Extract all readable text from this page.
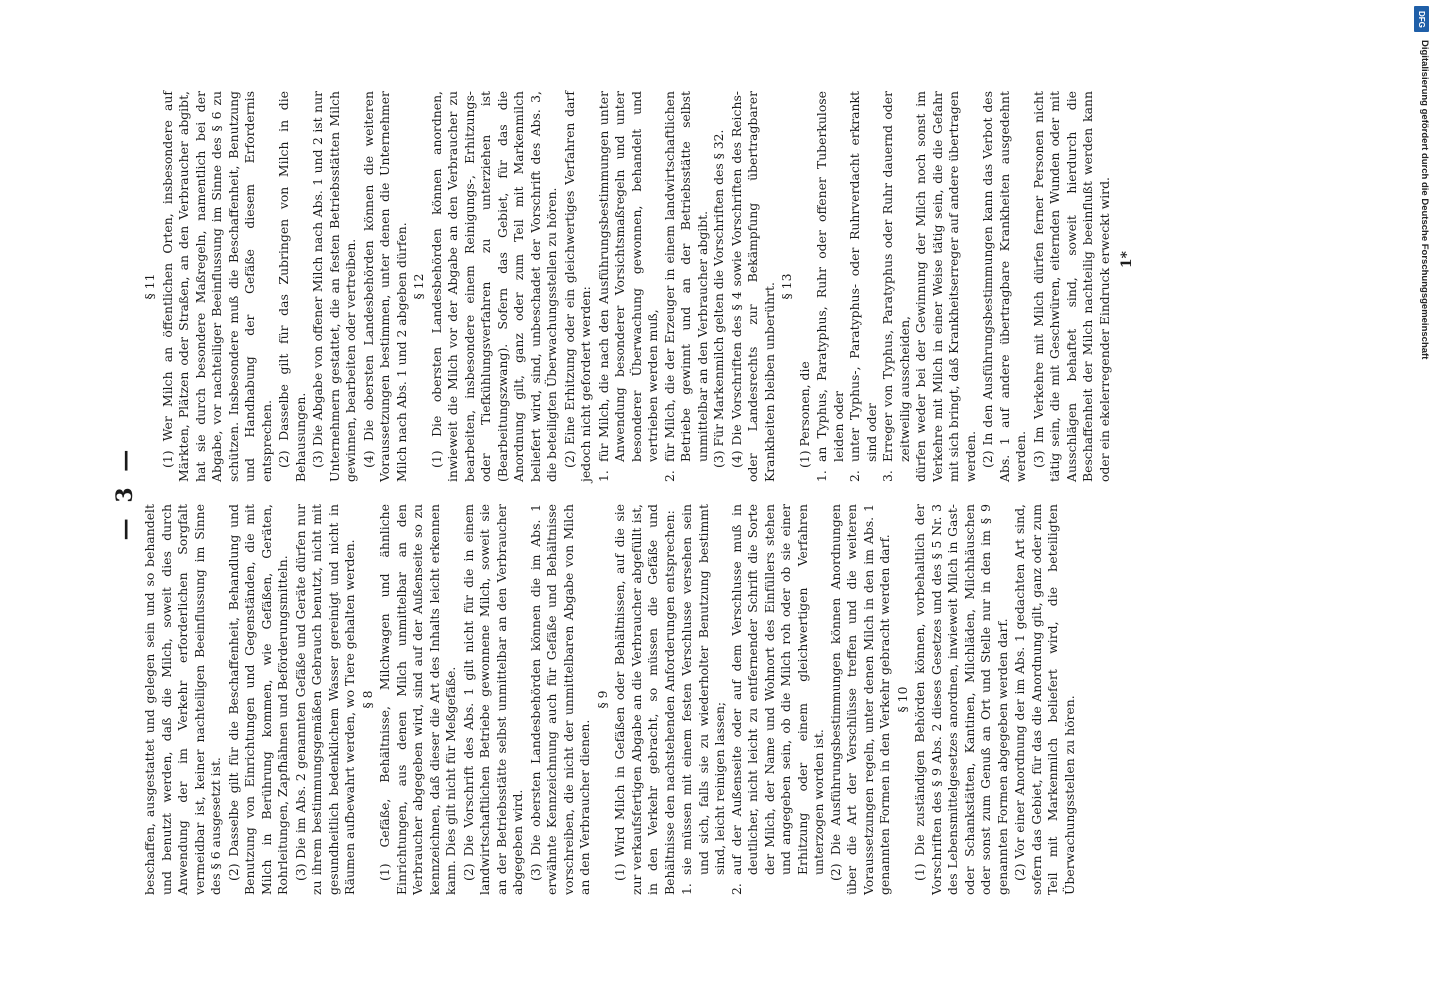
DFG
Digitalisierung gefördert durch die Deutsche Forschungsgemeinschaft
— 3 —

beschaffen, ausgestattet und gelegen sein und so behandelt und benutzt werden, daß die Milch, soweit dies durch Anwendung der im Verkehr erforderlichen Sorgfalt vermeidbar ist, keiner nachteiligen Beeinflussung im Sinne des § 6 ausgesetzt ist. (2) Dasselbe gilt für die Beschaffenheit, Behandlung und Benutzung von Einrichtungen und Gegenständen, die mit Milch in Berührung kommen, wie Gefäßen, Geräten, Rohrleitungen, Zapfhähnen und Beförderungsmitteln. (3) Die im Abs. 2 genannten Gefäße und Geräte dürfen nur zu ihrem bestimmungsgemäßen Gebrauch benutzt, nicht mit gesundheitlich bedenklichem Wasser gereinigt und nicht in Räumen aufbewahrt werden, wo Tiere gehalten werden. § 8 (1) Gefäße, Behältnisse, Milchwagen und ähnliche Einrichtungen, aus denen Milch unmittelbar an den Verbraucher abgegeben wird, sind auf der Außenseite so zu kennzeichnen, daß dieser die Art des Inhalts leicht erkennen kann. Dies gilt nicht für Meßgefäße. (2) Die Vorschrift des Abs. 1 gilt nicht für die in einem landwirtschaftlichen Betriebe gewonnene Milch, soweit sie an der Betriebsstätte selbst unmittelbar an den Verbraucher abgegeben wird. (3) Die obersten Landesbehörden können die im Abs. 1 erwähnte Kennzeichnung auch für Gefäße und Behältnisse vorschreiben, die nicht der unmittelbaren Abgabe von Milch an den Verbraucher dienen.

§ 9 (1) Wird Milch in Gefäßen oder Behältnissen, auf die sie zur verkaufsfertigen Abgabe an die Verbraucher abgefüllt ist, in den Verkehr gebracht, so müssen die Gefäße und Behältnisse den nachstehenden Anforderungen entsprechen: 1.
sie müssen mit einem festen Verschlusse versehen sein und sich, falls sie zu wiederholter Benutzung bestimmt sind, leicht reinigen lassen;
2.
auf der Außenseite oder auf dem Verschlusse muß in deutlicher, nicht leicht zu entfernender Schrift die Sorte der Milch, der Name und Wohnort des Einfüllers stehen und angegeben sein, ob die Milch roh oder ob sie einer Erhitzung oder einem gleichwertigen Verfahren unterzogen worden ist. (2) Die Ausführungsbestimmungen können Anordnungen über die Art der Verschlüsse treffen und die weiteren Voraussetzungen regeln, unter denen Milch in den im Abs. 1 genannten Formen in den Verkehr gebracht werden darf. § 10 (1) Die zuständigen Behörden können, vorbehaltlich der Vorschriften des § 9 Abs. 2 dieses Gesetzes und des § 5 Nr. 3 des Lebensmittelgesetzes anordnen, inwieweit Milch in Gast- oder Schankstätten, Kantinen, Milchläden, Milchhäuschen oder sonst zum Genuß an Ort und Stelle nur in den im § 9 genannten Formen abgegeben werden darf. (2) Vor einer Anordnung der im Abs. 1 gedachten Art sind, sofern das Gebiet, für das die Anordnung gilt, ganz oder zum Teil mit Markenmilch beliefert wird, die beteiligten Überwachungsstellen zu hören.

§ 11 (1) Wer Milch an öffentlichen Orten, insbesondere auf Märkten, Plätzen oder Straßen, an den Verbraucher abgibt, hat sie durch besondere Maßregeln, namentlich bei der Abgabe, vor nachteiliger Beeinflussung im Sinne des § 6 zu schützen. Insbesondere muß die Beschaffenheit, Benutzung und Handhabung der Gefäße diesem Erfordernis entsprechen. (2) Dasselbe gilt für das Zubringen von Milch in die Behausungen. (3) Die Abgabe von offener Milch nach Abs. 1 und 2 ist nur Unternehmern gestattet, die an festen Betriebsstätten Milch gewinnen, bearbeiten oder vertreiben. (4) Die obersten Landesbehörden können die weiteren Voraussetzungen bestimmen, unter denen die Unternehmer Milch nach Abs. 1 und 2 abgeben dürfen. § 12 (1) Die obersten Landesbehörden können anordnen, inwieweit die Milch vor der Abgabe an den Verbraucher zu bearbeiten, insbesondere einem Reinigungs-, Erhitzungs- oder Tiefkühlungsverfahren zu unterziehen ist (Bearbeitungszwang). Sofern das Gebiet, für das die Anordnung gilt, ganz oder zum Teil mit Markenmilch beliefert wird, sind, unbeschadet der Vorschrift des Abs. 3, die beteiligten Überwachungsstellen zu hören. (2) Eine Erhitzung oder ein gleichwertiges Verfahren darf jedoch nicht gefordert werden: 1.
für Milch, die nach den Ausführungsbestimmungen unter Anwendung besonderer Vorsichtsmaßregeln und unter besonderer Überwachung gewonnen, behandelt und vertrieben werden muß,
2.
für Milch, die der Erzeuger in einem landwirtschaftlichen Betriebe gewinnt und an der Betriebsstätte selbst unmittelbar an den Verbraucher abgibt. (3) Für Markenmilch gelten die Vorschriften des § 32. (4) Die Vorschriften des § 4 sowie Vorschriften des Reichs- oder Landesrechts zur Bekämpfung übertragbarer Krankheiten bleiben unberührt. § 13

(1) Personen, die

1.
an Typhus, Paratyphus, Ruhr oder offener Tuberkulose leiden oder
2.
unter Typhus-, Paratyphus- oder Ruhrverdacht erkrankt sind oder
3.
Erreger von Typhus, Paratyphus oder Ruhr dauernd oder zeitweilig ausscheiden, dürfen weder bei der Gewinnung der Milch noch sonst im Verkehre mit Milch in einer Weise tätig sein, die die Gefahr mit sich bringt, daß Krankheitserreger auf andere übertragen werden. (2) In den Ausführungsbestimmungen kann das Verbot des Abs. 1 auf andere übertragbare Krankheiten ausgedehnt werden. (3) Im Verkehre mit Milch dürfen ferner Personen nicht tätig sein, die mit Geschwüren, eiternden Wunden oder mit Ausschlägen behaftet sind, soweit hierdurch die Beschaffenheit der Milch nachteilig beeinflußt werden kann oder ein ekelerregender Eindruck erweckt wird. 1*
